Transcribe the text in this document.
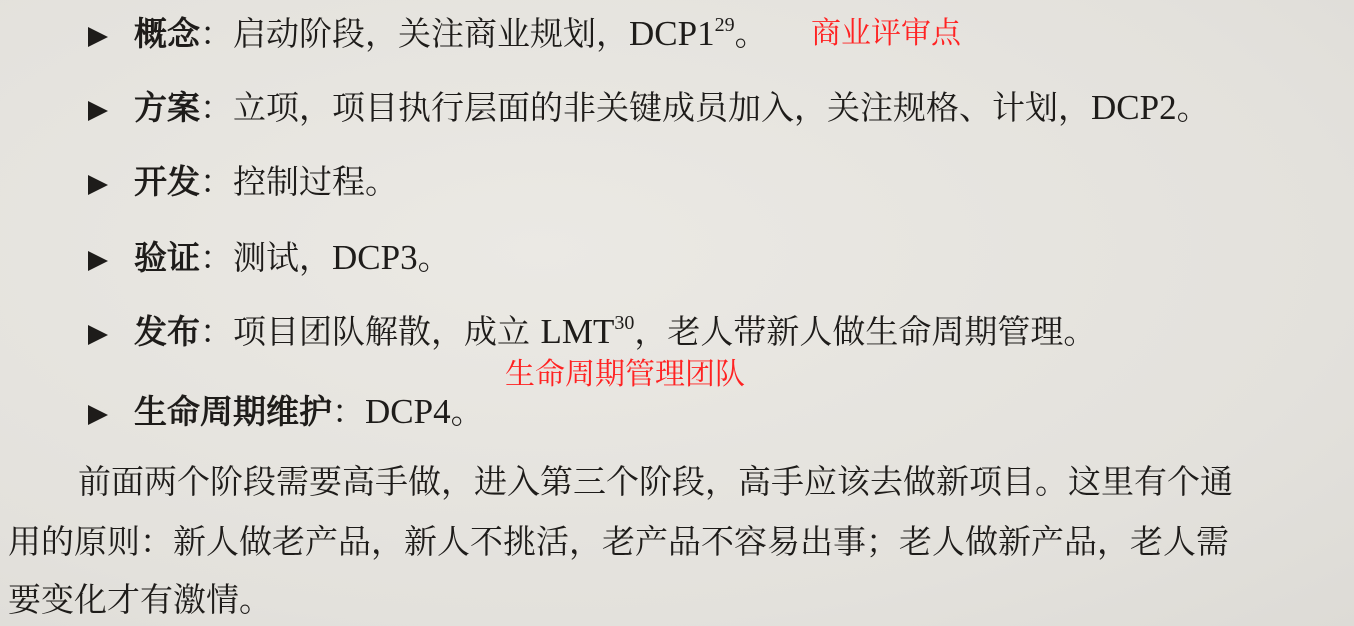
概念：启动阶段，关注商业规划，$DCP1^{29}$。 商业评审点
方案：立项，项目执行层面的非关键成员加入，关注规格、计划，DCP2。
开发：控制过程。
验证：测试，DCP3。
发布：项目团队解散，成立 LMT$^{30}$，老人带新人做生命周期管理。
生命周期管理团队
生命周期维护：DCP4。
前面两个阶段需要高手做，进入第三个阶段，高手应该去做新项目。这里有个通
用的原则：新人做老产品，新人不挑活，老产品不容易出事；老人做新产品，老人需
要变化才有激情。
